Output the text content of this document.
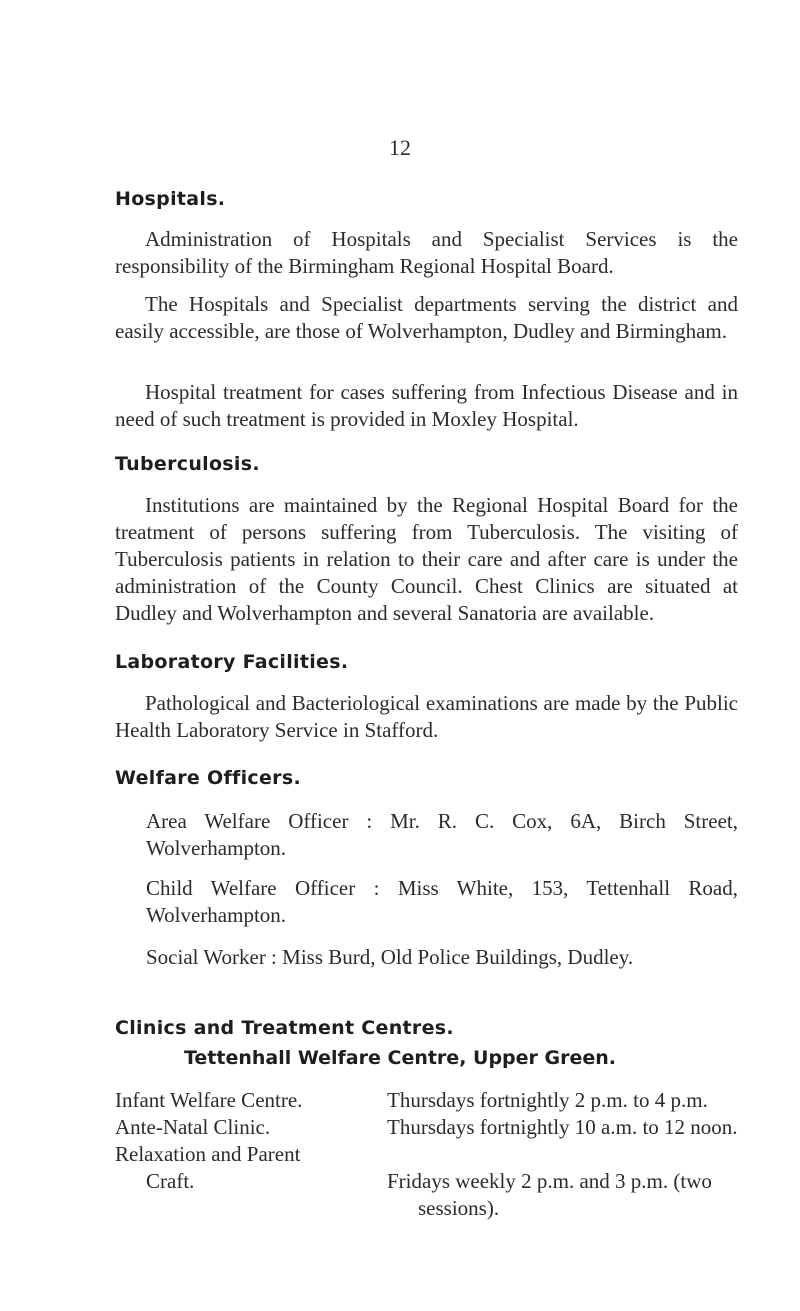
12
Hospitals.
Administration of Hospitals and Specialist Services is the responsibility of the Birmingham Regional Hospital Board.
The Hospitals and Specialist departments serving the district and easily accessible, are those of Wolverhampton, Dudley and Birmingham.
Hospital treatment for cases suffering from Infectious Disease and in need of such treatment is provided in Moxley Hospital.
Tuberculosis.
Institutions are maintained by the Regional Hospital Board for the treatment of persons suffering from Tuberculosis. The visiting of Tuberculosis patients in relation to their care and after care is under the administration of the County Council. Chest Clinics are situated at Dudley and Wolverhampton and several Sanatoria are available.
Laboratory Facilities.
Pathological and Bacteriological examinations are made by the Public Health Laboratory Service in Stafford.
Welfare Officers.
Area Welfare Officer : Mr. R. C. Cox, 6A, Birch Street,
Wolverhampton.
Child Welfare Officer : Miss White, 153, Tettenhall Road,
Wolverhampton.
Social Worker : Miss Burd, Old Police Buildings, Dudley.
Clinics and Treatment Centres.
Tettenhall Welfare Centre, Upper Green.
Infant Welfare Centre.	Thursdays fortnightly 2 p.m. to 4 p.m.
Ante-Natal Clinic.	Thursdays fortnightly 10 a.m. to 12 noon.
Relaxation and Parent
Craft.	Fridays weekly 2 p.m. and 3 p.m. (two
sessions).
